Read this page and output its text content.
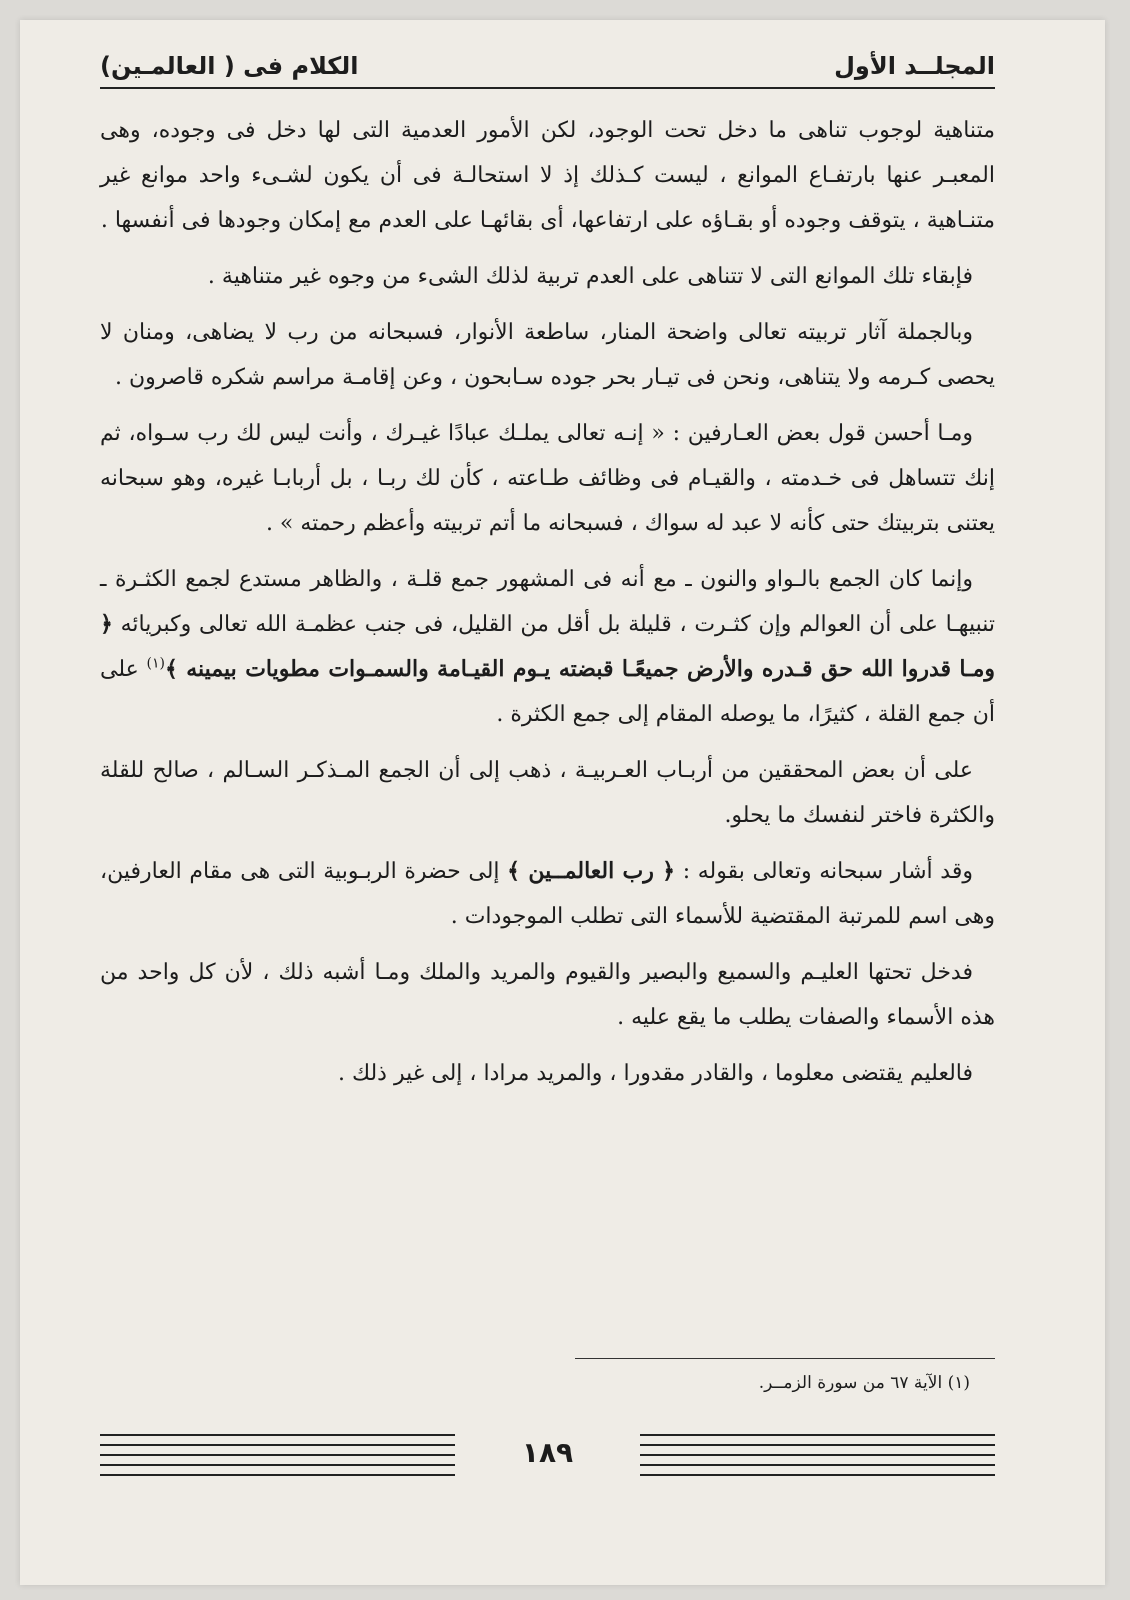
المجلــد الأول
الكلام فى ( العالمـين)

متناهية لوجوب تناهى ما دخل تحت الوجود، لكن الأمور العدمية التى لها دخل فى وجوده، وهى المعبـر عنها بارتفـاع الموانع ، ليست كـذلك إذ لا استحالـة فى أن يكون لشـىء واحد موانع غير متنـاهية ، يتوقف وجوده أو بقـاؤه على ارتفاعها، أى بقائهـا على العدم مع إمكان وجودها فى أنفسها .

فإبقاء تلك الموانع التى لا تتناهى على العدم تربية لذلك الشىء من وجوه غير متناهية .

وبالجملة آثار تربيته تعالى واضحة المنار، ساطعة الأنوار، فسبحانه من رب لا يضاهى، ومنان لا يحصى كـرمه ولا يتناهى، ونحن فى تيـار بحر جوده سـابحون ، وعن إقامـة مراسم شكره قاصرون .

ومـا أحسن قول بعض العـارفين : « إنـه تعالى يملـك عبادًا غيـرك ، وأنت ليس لك رب سـواه، ثم إنك تتساهل فى خـدمته ، والقيـام فى وظائف طـاعته ، كأن لك ربـا ، بل أربابـا غيره، وهو سبحانه يعتنى بتربيتك حتى كأنه لا عبد له سواك ، فسبحانه ما أتم تربيته وأعظم رحمته » .

وإنما كان الجمع بالـواو والنون ـ مع أنه فى المشهور جمع قلـة ، والظاهر مستدع لجمع الكثـرة ـ تنبيهـا على أن العوالم وإن كثـرت ، قليلة بل أقل من القليل، فى جنب عظمـة الله تعالى وكبريائه ﴿ ومـا قدروا الله حق قـدره والأرض جميعًـا قبضته يـوم القيـامة والسمـوات مطويات بيمينه ﴾$^{(١)}$ على أن جمع القلة ، كثيرًا، ما يوصله المقام إلى جمع الكثرة .

على أن بعض المحققين من أربـاب العـربيـة ، ذهب إلى أن الجمع المـذكـر السـالم ، صالح للقلة والكثرة فاختر لنفسك ما يحلو.

وقد أشار سبحانه وتعالى بقوله : ﴿ رب العالمــين ﴾ إلى حضرة الربـوبية التى هى مقام العارفين، وهى اسم للمرتبة المقتضية للأسماء التى تطلب الموجودات .

فدخل تحتها العليـم والسميع والبصير والقيوم والمريد والملك ومـا أشبه ذلك ، لأن كل واحد من هذه الأسماء والصفات يطلب ما يقع عليه .

فالعليم يقتضى معلوما ، والقادر مقدورا ، والمريد مرادا ، إلى غير ذلك .

(١) الآية ٦٧ من سورة الزمــر.
١٨٩
